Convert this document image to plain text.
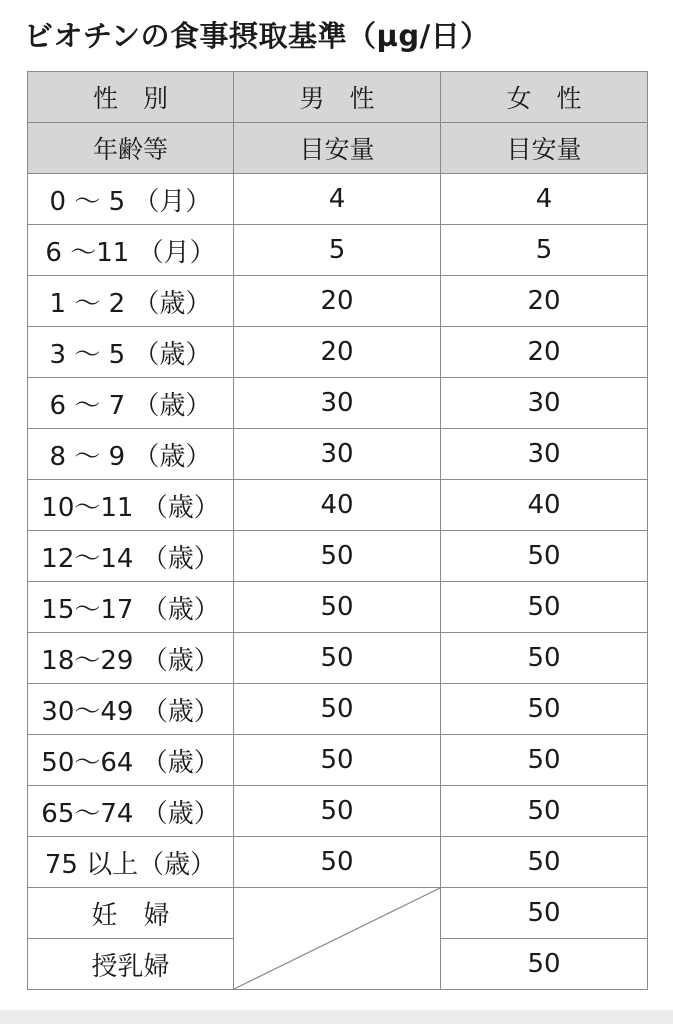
ビオチンの食事摂取基準（µg/日）
性　別	男　性	女　性
年齢等	目安量	目安量
0 ～ 5 （月）	4	4
6 ～11 （月）	5	5
1 ～ 2 （歳）	20	20
3 ～ 5 （歳）	20	20
6 ～ 7 （歳）	30	30
8 ～ 9 （歳）	30	30
10～11 （歳）	40	40
12～14 （歳）	50	50
15～17 （歳）	50	50
18～29 （歳）	50	50
30～49 （歳）	50	50
50～64 （歳）	50	50
65～74 （歳）	50	50
75 以上（歳）	50	50
妊　婦		50
授乳婦		50
